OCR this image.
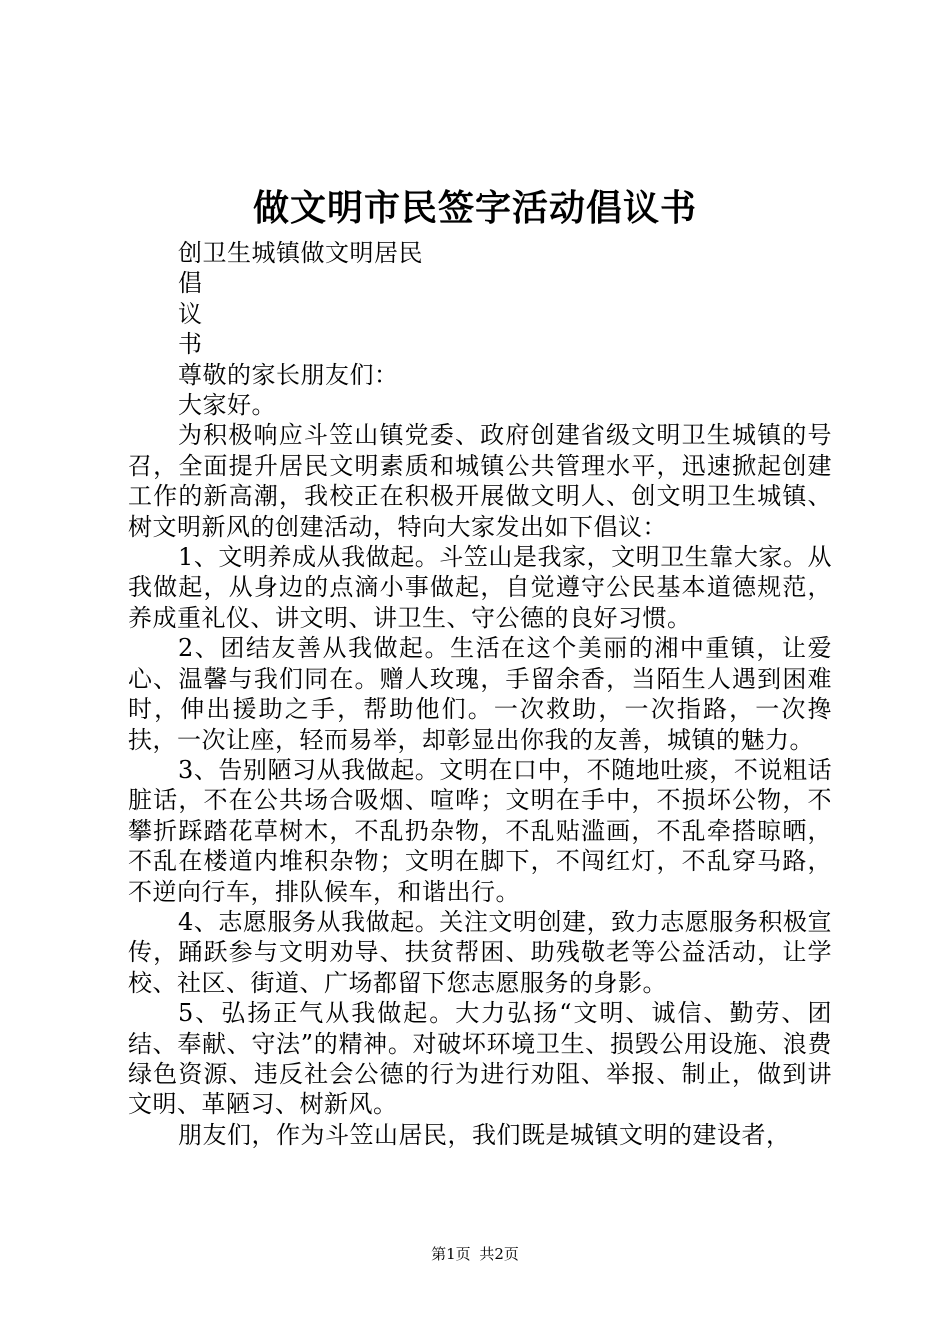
做文明市民签字活动倡议书

创卫生城镇做文明居民

倡

议

书

尊敬的家长朋友们：

大家好。

为积极响应斗笠山镇党委、政府创建省级文明卫生城镇的号召，全面提升居民文明素质和城镇公共管理水平，迅速掀起创建工作的新高潮，我校正在积极开展做文明人、创文明卫生城镇、树文明新风的创建活动，特向大家发出如下倡议：

1、文明养成从我做起。斗笠山是我家，文明卫生靠大家。从我做起，从身边的点滴小事做起，自觉遵守公民基本道德规范，养成重礼仪、讲文明、讲卫生、守公德的良好习惯。

2、团结友善从我做起。生活在这个美丽的湘中重镇，让爱心、温馨与我们同在。赠人玫瑰，手留余香，当陌生人遇到困难时，伸出援助之手，帮助他们。一次救助，一次指路，一次搀扶，一次让座，轻而易举，却彰显出你我的友善，城镇的魅力。

3、告别陋习从我做起。文明在口中，不随地吐痰，不说粗话脏话，不在公共场合吸烟、喧哗；文明在手中，不损坏公物，不攀折踩踏花草树木，不乱扔杂物，不乱贴滥画，不乱牵搭晾晒，不乱在楼道内堆积杂物；文明在脚下，不闯红灯，不乱穿马路，不逆向行车，排队候车，和谐出行。

4、志愿服务从我做起。关注文明创建，致力志愿服务积极宣传，踊跃参与文明劝导、扶贫帮困、助残敬老等公益活动，让学校、社区、街道、广场都留下您志愿服务的身影。

5、弘扬正气从我做起。大力弘扬“文明、诚信、勤劳、团结、奉献、守法”的精神。对破坏环境卫生、损毁公用设施、浪费绿色资源、违反社会公德的行为进行劝阻、举报、制止，做到讲文明、革陋习、树新风。

朋友们，作为斗笠山居民，我们既是城镇文明的建设者，

第1页 共2页
